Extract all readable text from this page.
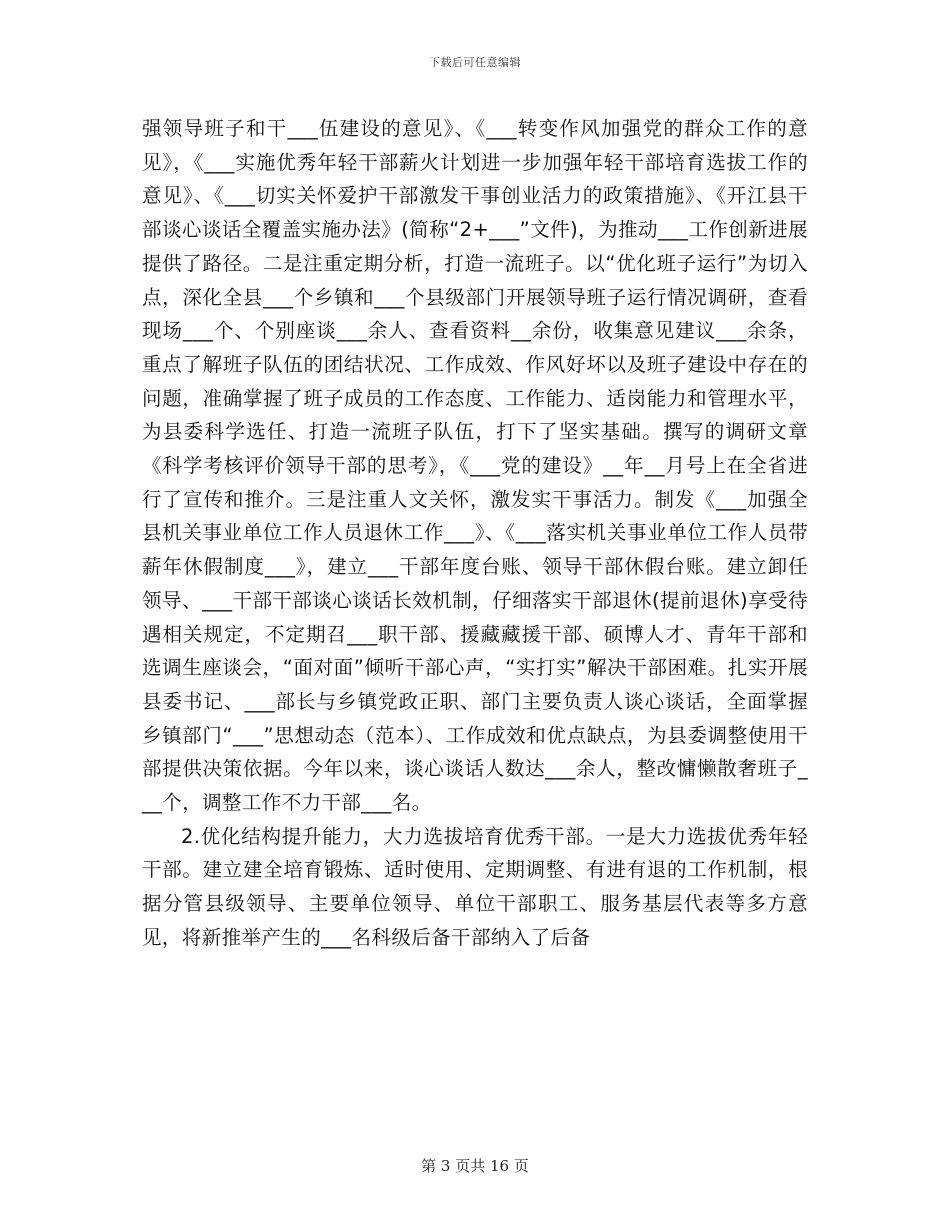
下载后可任意编辑

强领导班子和干___伍建设的意见》、《___转变作风加强党的群众工作的意见》，《___实施优秀年轻干部薪火计划进一步加强年轻干部培育选拔工作的意见》、《___切实关怀爱护干部激发干事创业活力的政策措施》、《开江县干部谈心谈话全覆盖实施办法》(简称“2+___”文件)，为推动___工作创新进展提供了路径。二是注重定期分析，打造一流班子。以“优化班子运行”为切入点，深化全县___个乡镇和___个县级部门开展领导班子运行情况调研，查看现场___个、个别座谈___余人、查看资料__余份，收集意见建议___余条，重点了解班子队伍的团结状况、工作成效、作风好坏以及班子建设中存在的问题，准确掌握了班子成员的工作态度、工作能力、适岗能力和管理水平，为县委科学选任、打造一流班子队伍，打下了坚实基础。撰写的调研文章《科学考核评价领导干部的思考》，《___党的建设》__年__月号上在全省进行了宣传和推介。三是注重人文关怀，激发实干事活力。制发《___加强全县机关事业单位工作人员退休工作___》、《___落实机关事业单位工作人员带薪年休假制度___》，建立___干部年度台账、领导干部休假台账。建立卸任领导、___干部干部谈心谈话长效机制，仔细落实干部退休(提前退休)享受待遇相关规定，不定期召___职干部、援藏藏援干部、硕博人才、青年干部和选调生座谈会，“面对面”倾听干部心声，“实打实”解决干部困难。扎实开展县委书记、___部长与乡镇党政正职、部门主要负责人谈心谈话，全面掌握乡镇部门“___”思想动态（范本）、工作成效和优点缺点，为县委调整使用干部提供决策依据。今年以来，谈心谈话人数达___余人，整改慵懒散奢班子___个，调整工作不力干部___名。

2.优化结构提升能力，大力选拔培育优秀干部。一是大力选拔优秀年轻干部。建立建全培育锻炼、适时使用、定期调整、有进有退的工作机制，根据分管县级领导、主要单位领导、单位干部职工、服务基层代表等多方意见，将新推举产生的___名科级后备干部纳入了后备

第 3 页共 16 页
